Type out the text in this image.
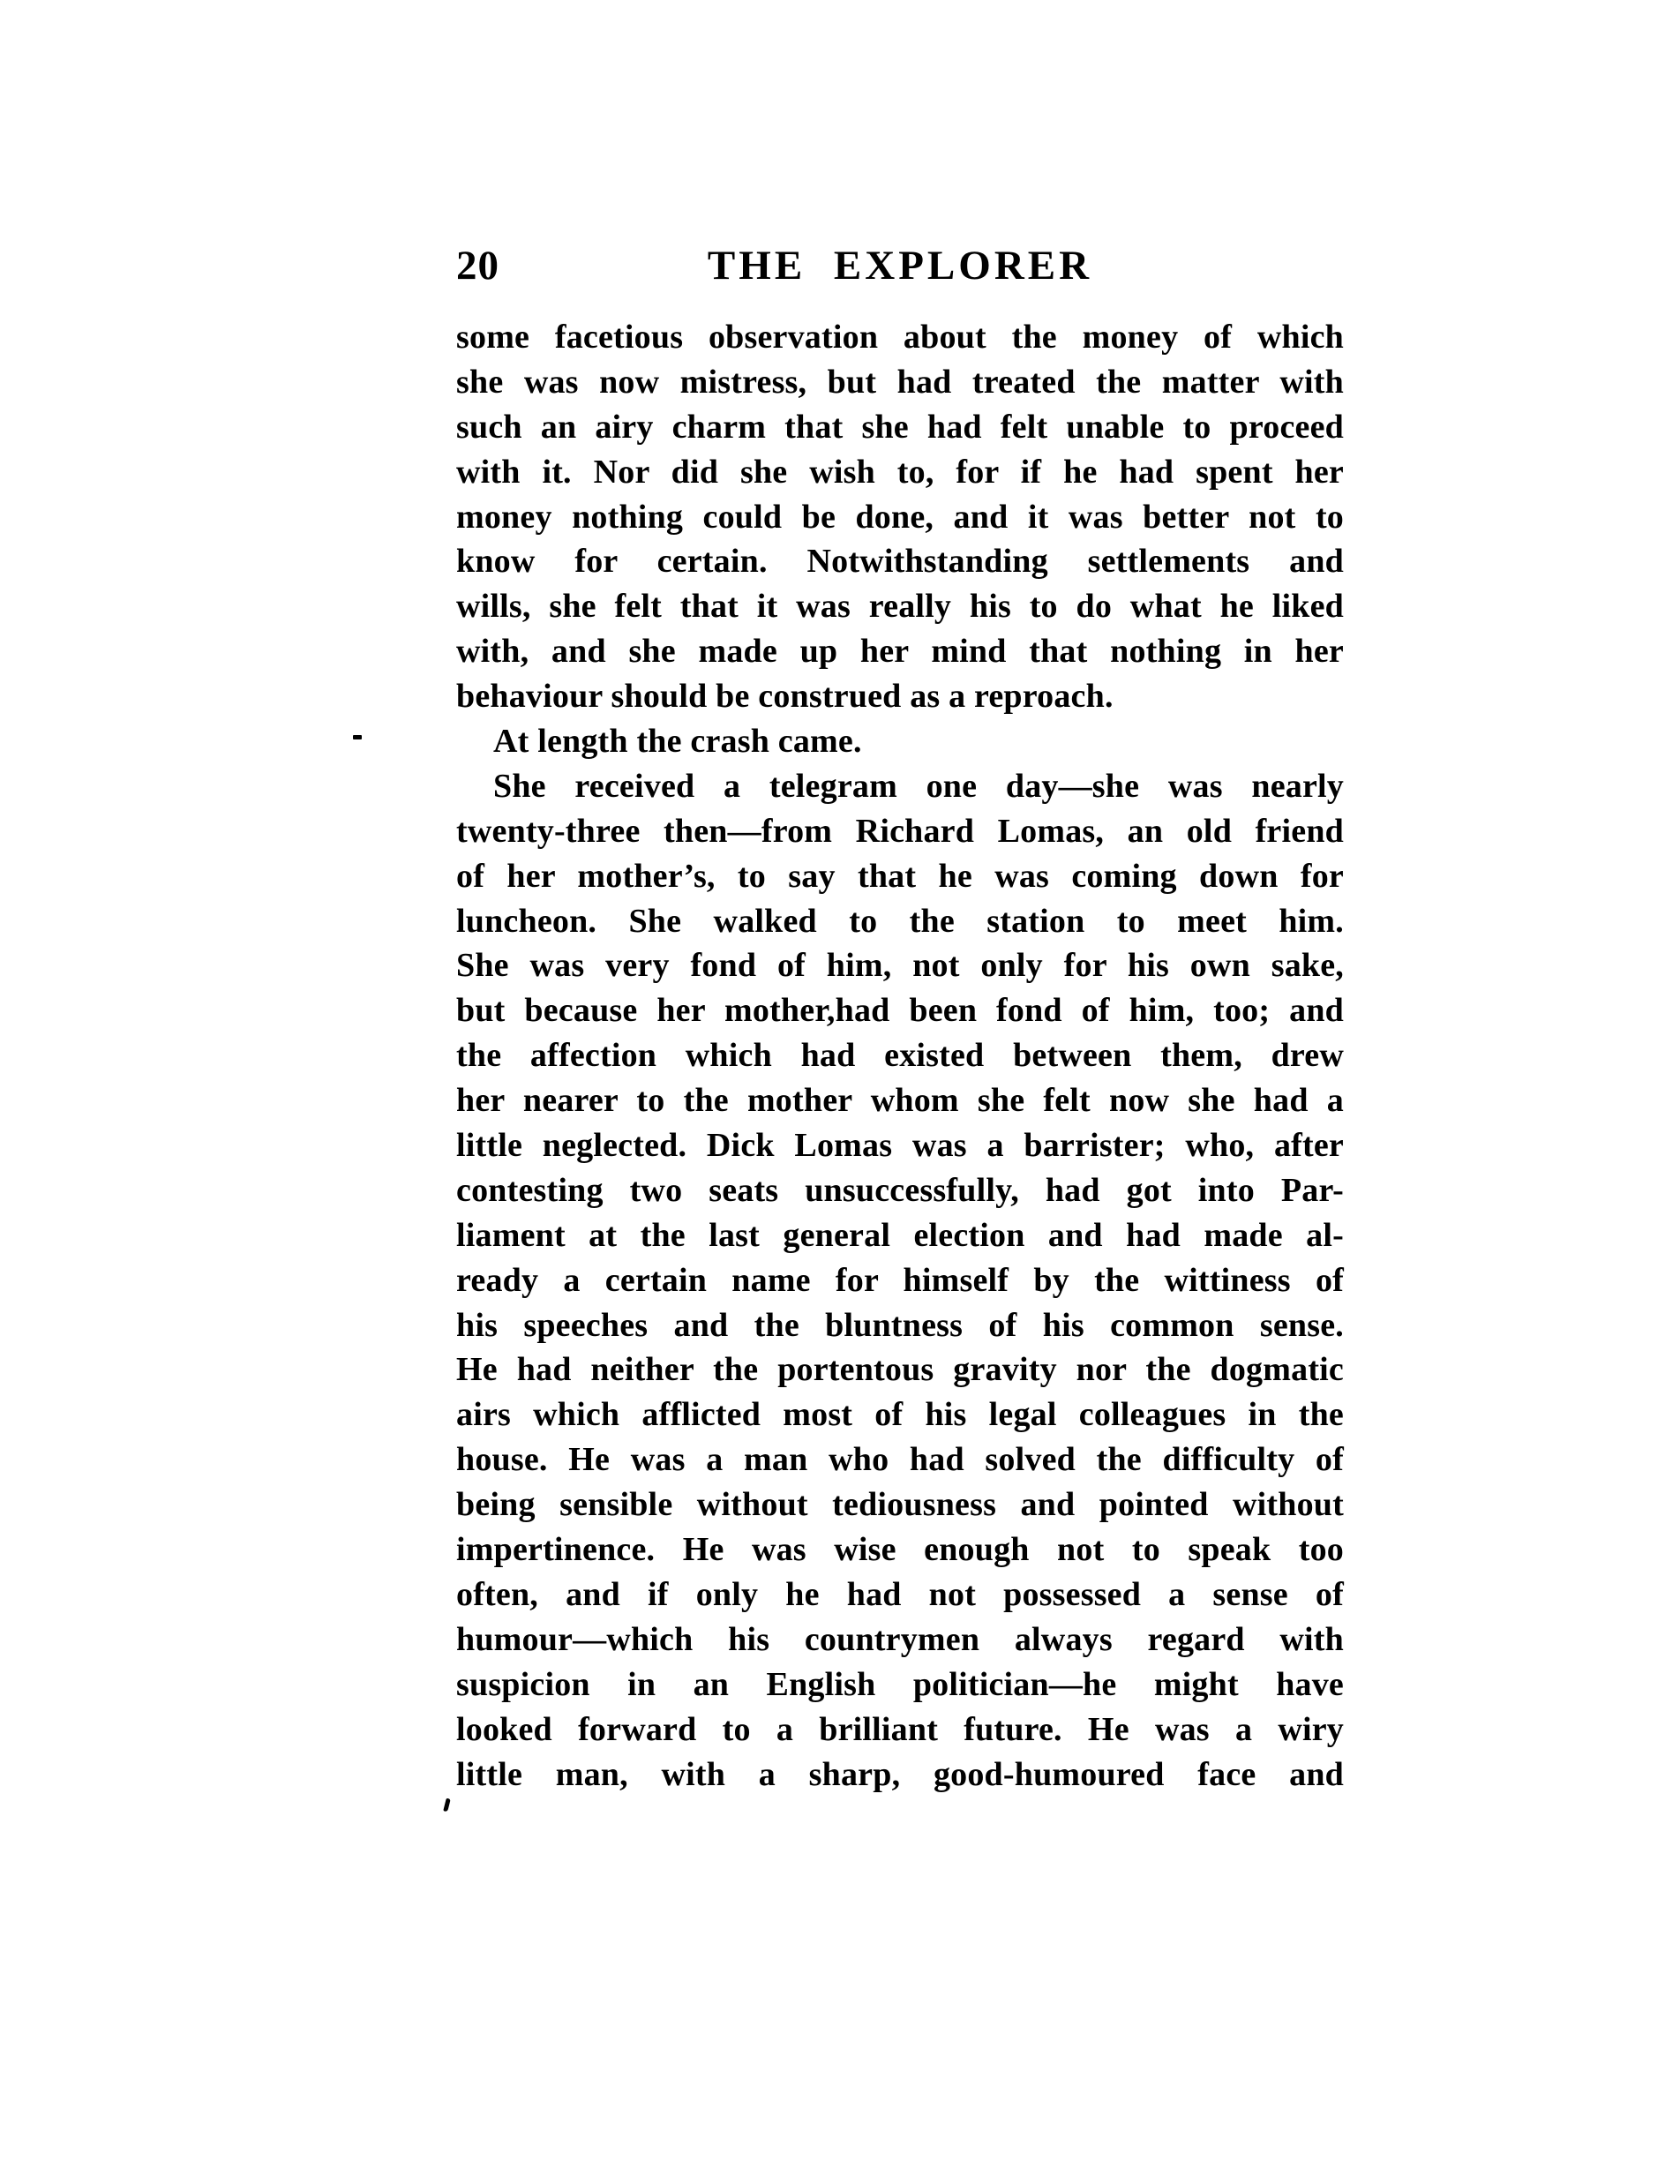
20	THE EXPLORER
some facetious observation about the money of which
she was now mistress, but had treated the matter with
such an airy charm that she had felt unable to proceed
with it. Nor did she wish to, for if he had spent her
money nothing could be done, and it was better not to
know for certain. Notwithstanding settlements and
wills, she felt that it was really his to do what he liked
with, and she made up her mind that nothing in her
behaviour should be construed as a reproach.
At length the crash came.
She received a telegram one day—she was nearly
twenty-three then—from Richard Lomas, an old friend
of her mother’s, to say that he was coming down for
luncheon. She walked to the station to meet him.
She was very fond of him, not only for his own sake,
but because her mother,had been fond of him, too; and
the affection which had existed between them, drew
her nearer to the mother whom she felt now she had a
little neglected. Dick Lomas was a barrister; who, after
contesting two seats unsuccessfully, had got into Par-
liament at the last general election and had made al-
ready a certain name for himself by the wittiness of
his speeches and the bluntness of his common sense.
He had neither the portentous gravity nor the dogmatic
airs which afflicted most of his legal colleagues in the
house. He was a man who had solved the difficulty of
being sensible without tediousness and pointed without
impertinence. He was wise enough not to speak too
often, and if only he had not possessed a sense of
humour—which his countrymen always regard with
suspicion in an English politician—he might have
looked forward to a brilliant future. He was a wiry
little man, with a sharp, good-humoured face and
